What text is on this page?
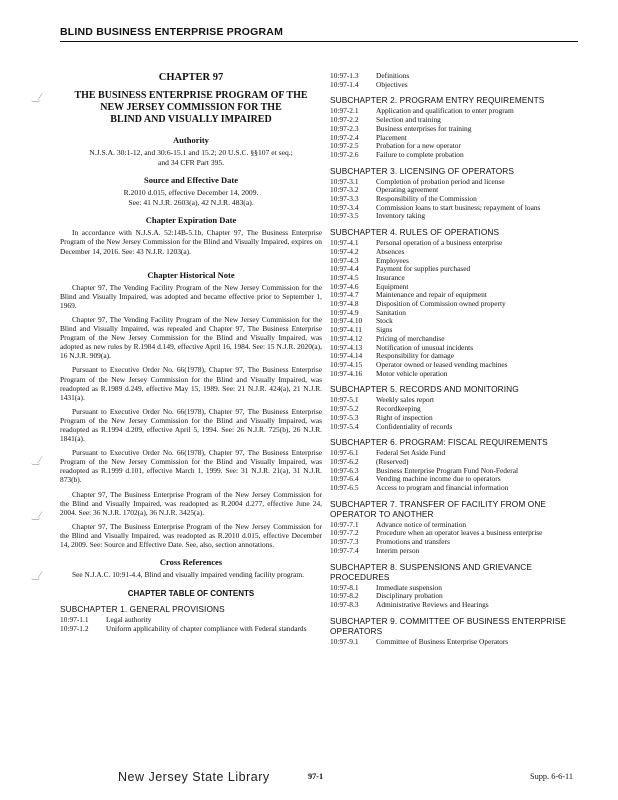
BLIND BUSINESS ENTERPRISE PROGRAM
‿⁄
‿⁄
‿⁄
‿⁄
CHAPTER 97
THE BUSINESS ENTERPRISE PROGRAM OF THE
NEW JERSEY COMMISSION FOR THE
BLIND AND VISUALLY IMPAIRED
Authority
N.J.S.A. 30:1-12, and 30:6-15.1 and 15.2; 20 U.S.C. §§107 et seq.;
and 34 CFR Part 395.
Source and Effective Date
R.2010 d.015, effective December 14, 2009.
See: 41 N.J.R. 2603(a), 42 N.J.R. 483(a).
Chapter Expiration Date

In accordance with N.J.S.A. 52:14B-5.1b, Chapter 97, The Business Enterprise Program of the New Jersey Commission for the Blind and Visually Impaired, expires on December 14, 2016. See: 43 N.J.R. 1203(a).

Chapter Historical Note

Chapter 97, The Vending Facility Program of the New Jersey Commission for the Blind and Visually Impaired, was adopted and became effective prior to September 1, 1969.

Chapter 97, The Vending Facility Program of the New Jersey Commission for the Blind and Visually Impaired, was repealed and Chapter 97, The Business Enterprise Program of the New Jersey Commission for the Blind and Visually Impaired, was adopted as new rules by R.1984 d.149, effective April 16, 1984. See: 15 N.J.R. 2020(a), 16 N.J.R. 909(a).

Pursuant to Executive Order No. 66(1978), Chapter 97, The Business Enterprise Program of the New Jersey Commission for the Blind and Visually Impaired, was readopted as R.1989 d.249, effective May 15, 1989. See: 21 N.J.R. 424(a), 21 N.J.R. 1431(a).

Pursuant to Executive Order No. 66(1978), Chapter 97, The Business Enterprise Program of the New Jersey Commission for the Blind and Visually Impaired, was readopted as R.1994 d.209, effective April 5, 1994. See: 26 N.J.R. 725(b), 26 N.J.R. 1841(a).

Pursuant to Executive Order No. 66(1978), Chapter 97, The Business Enterprise Program of the New Jersey Commission for the Blind and Visually Impaired, was readopted as R.1999 d.101, effective March 1, 1999. See: 31 N.J.R. 21(a), 31 N.J.R. 873(b).

Chapter 97, The Business Enterprise Program of the New Jersey Commission for the Blind and Visually Impaired, was readopted as R.2004 d.277, effective June 24, 2004. See: 36 N.J.R. 1702(a), 36 N.J.R. 3425(a).

Chapter 97, The Business Enterprise Program of the New Jersey Commission for the Blind and Visually Impaired, was readopted as R.2010 d.015, effective December 14, 2009. See: Source and Effective Date. See, also, section annotations.

Cross References

See N.J.A.C. 10:91-4.4, Blind and visually impaired vending facility program.

CHAPTER TABLE OF CONTENTS
SUBCHAPTER 1. GENERAL PROVISIONS
10:97-1.1	Legal authority
10:97-1.2	Uniform applicability of chapter compliance with Federal standards
10:97-1.3	Definitions
10:97-1.4	Objectives
SUBCHAPTER 2. PROGRAM ENTRY REQUIREMENTS
10:97-2.1	Application and qualification to enter program
10:97-2.2	Selection and training
10:97-2.3	Business enterprises for training
10:97-2.4	Placement
10:97-2.5	Probation for a new operator
10:97-2.6	Failure to complete probation
SUBCHAPTER 3. LICENSING OF OPERATORS
10:97-3.1	Completion of probation period and license
10:97-3.2	Operating agreement
10:97-3.3	Responsibility of the Commission
10:97-3.4	Commission loans to start business; repayment of loans
10:97-3.5	Inventory taking
SUBCHAPTER 4. RULES OF OPERATIONS
10:97-4.1	Personal operation of a business enterprise
10:97-4.2	Absences
10:97-4.3	Employees
10:97-4.4	Payment for supplies purchased
10:97-4.5	Insurance
10:97-4.6	Equipment
10:97-4.7	Maintenance and repair of equipment
10:97-4.8	Disposition of Commission owned property
10:97-4.9	Sanitation
10:97-4.10	Stock
10:97-4.11	Signs
10:97-4.12	Pricing of merchandise
10:97-4.13	Notification of unusual incidents
10:97-4.14	Responsibility for damage
10:97-4.15	Operator owned or leased vending machines
10:97-4.16	Motor vehicle operation
SUBCHAPTER 5. RECORDS AND MONITORING
10:97-5.1	Weekly sales report
10:97-5.2	Recordkeeping
10:97-5.3	Right of inspection
10:97-5.4	Confidentiality of records
SUBCHAPTER 6. PROGRAM: FISCAL REQUIREMENTS
10:97-6.1	Federal Set Aside Fund
10:97-6.2	(Reserved)
10:97-6.3	Business Enterprise Program Fund Non-Federal
10:97-6.4	Vending machine income due to operators
10:97-6.5	Access to program and financial information
SUBCHAPTER 7. TRANSFER OF FACILITY FROM ONE OPERATOR TO ANOTHER
10:97-7.1	Advance notice of termination
10:97-7.2	Procedure when an operator leaves a business enterprise
10:97-7.3	Promotions and transfers
10:97-7.4	Interim person
SUBCHAPTER 8. SUSPENSIONS AND GRIEVANCE PROCEDURES
10:97-8.1	Immediate suspension
10:97-8.2	Disciplinary probation
10:97-8.3	Administrative Reviews and Hearings
SUBCHAPTER 9. COMMITTEE OF BUSINESS ENTERPRISE OPERATORS
10:97-9.1	Committee of Business Enterprise Operators
New Jersey State Library	97-1	Supp. 6-6-11
